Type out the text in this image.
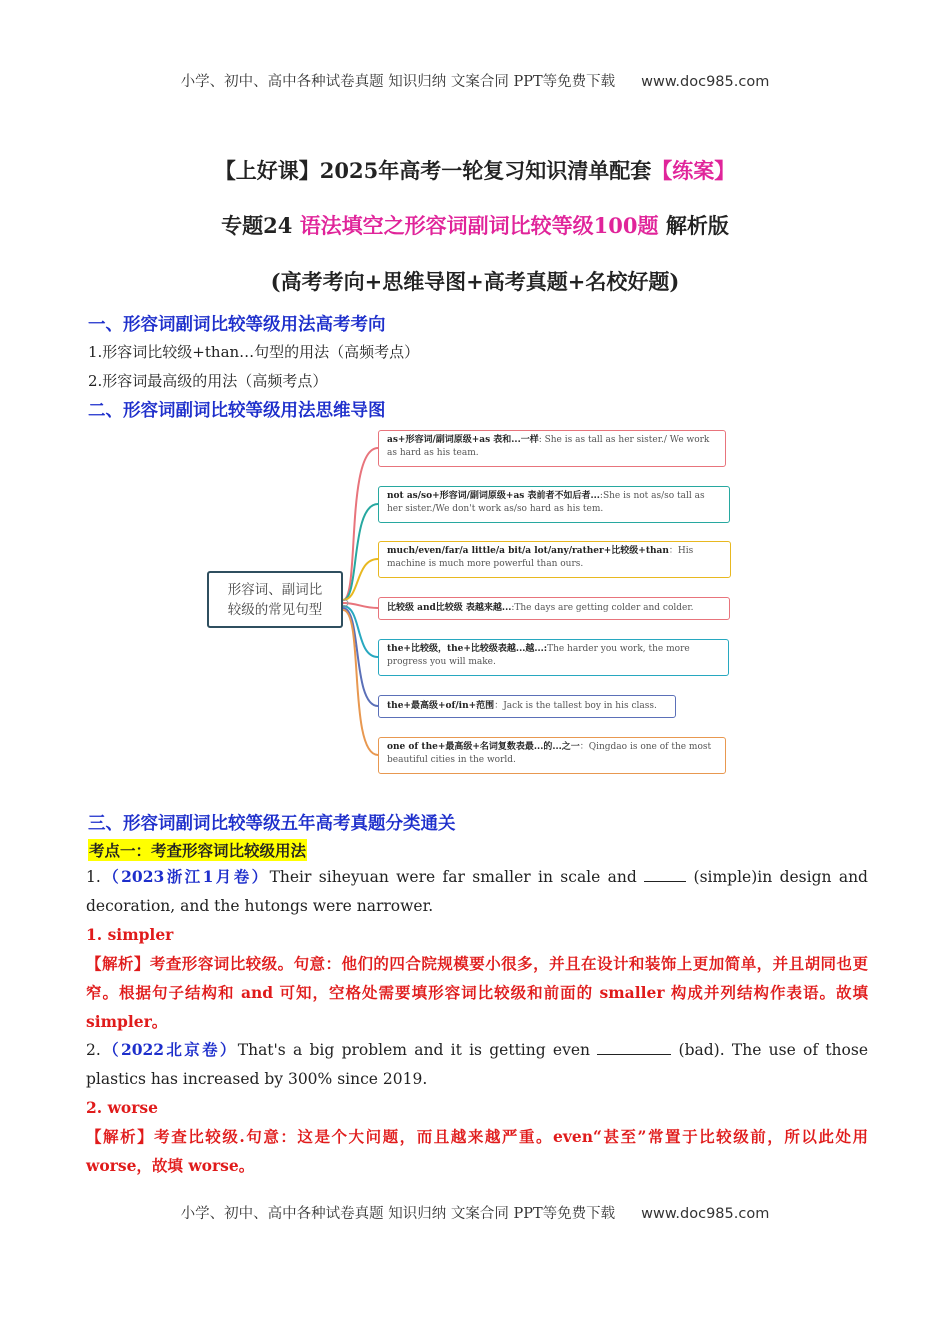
小学、初中、高中各种试卷真题 知识归纳 文案合同 PPT等免费下载 www.doc985.com
【上好课】2025年高考一轮复习知识清单配套【练案】
专题24 语法填空之形容词副词比较等级100题 解析版
(高考考向+思维导图+高考真题+名校好题)
一、形容词副词比较等级用法高考考向
1.形容词比较级+than…句型的用法（高频考点）
2.形容词最高级的用法（高频考点）
二、形容词副词比较等级用法思维导图
形容词、副词比
较级的常见句型
as+形容词/副词原级+as 表和...一样: She is as tall as her sister./ We work as hard as his team.
not as/so+形容词/副词原级+as 表前者不如后者...:She is not as/so tall as her sister./We don't work as/so hard as his tem.
much/even/far/a little/a bit/a lot/any/rather+比较级+than：His machine is much more powerful than ours.
比较级 and比较级 表越来越...:The days are getting colder and colder.
the+比较级，the+比较级表越...越...:The harder you work, the more progress you will make.
the+最高级+of/in+范围：Jack is the tallest boy in his class.
one of the+最高级+名词复数表最...的...之一：Qingdao is one of the most beautiful cities in the world.
三、形容词副词比较等级五年高考真题分类通关
考点一：考查形容词比较级用法
1.（2023浙江1月卷）Their siheyuan were far smaller in scale and	(simple)in design and decoration, and the hutongs were narrower.
1. simpler
【解析】考查形容词比较级。句意：他们的四合院规模要小很多，并且在设计和装饰上更加简单，并且胡同也更窄。根据句子结构和 and 可知，空格处需要填形容词比较级和前面的 smaller 构成并列结构作表语。故填 simpler。
2.（2022北京卷）That's a big problem and it is getting even	(bad). The use of those plastics has increased by 300% since 2019.
2. worse
【解析】考查比较级.句意：这是个大问题，而且越来越严重。even“甚至”常置于比较级前，所以此处用 worse，故填 worse。
小学、初中、高中各种试卷真题 知识归纳 文案合同 PPT等免费下载 www.doc985.com
